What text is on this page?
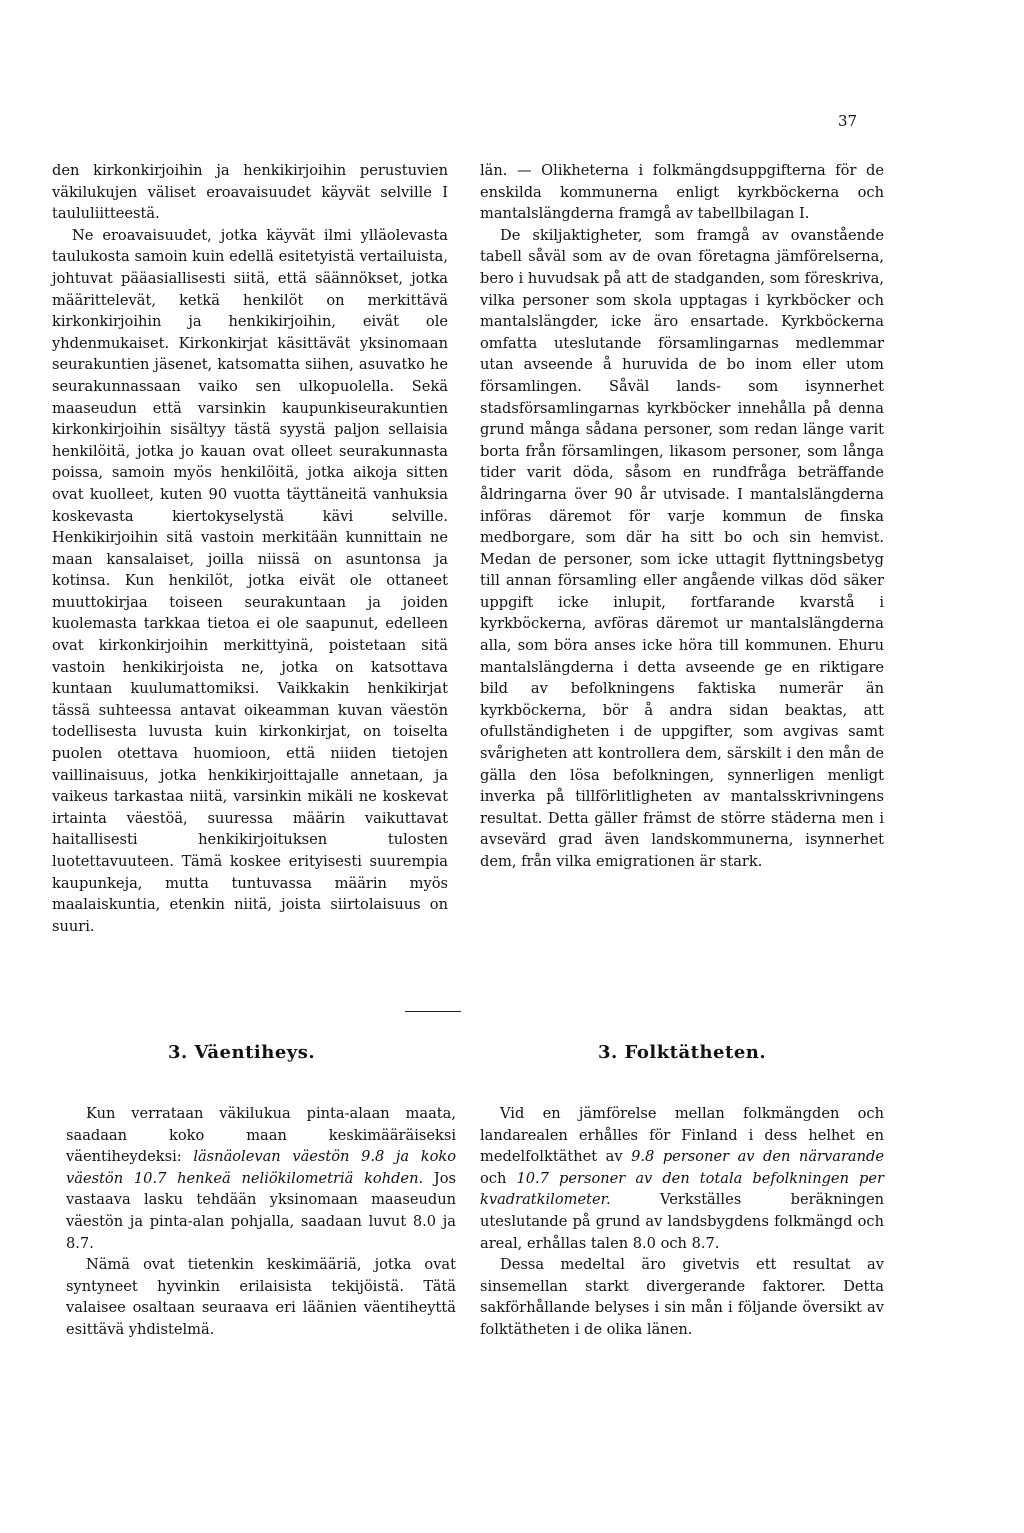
37

den kirkonkirjoihin ja henkikirjoihin perustuvien väkilukujen väliset eroavaisuudet käyvät selville I taululiitteestä.

Ne eroavaisuudet, jotka käyvät ilmi ylläolevasta taulukosta samoin kuin edellä esitetyistä vertailuista, johtuvat pääasiallisesti siitä, että säännökset, jotka määrittelevät, ketkä henkilöt on merkittävä kirkonkirjoihin ja henkikirjoihin, eivät ole yhdenmukaiset. Kirkonkirjat käsittävät yksinomaan seurakuntien jäsenet, katsomatta siihen, asuvatko he seurakunnassaan vaiko sen ulkopuolella. Sekä maaseudun että varsinkin kaupunkiseurakuntien kirkonkirjoihin sisältyy tästä syystä paljon sellaisia henkilöitä, jotka jo kauan ovat olleet seurakunnasta poissa, samoin myös henkilöitä, jotka aikoja sitten ovat kuolleet, kuten 90 vuotta täyttäneitä vanhuksia koskevasta kiertokyselystä kävi selville. Henkikirjoihin sitä vastoin merkitään kunnittain ne maan kansalaiset, joilla niissä on asuntonsa ja kotinsa. Kun henkilöt, jotka eivät ole ottaneet muuttokirjaa toiseen seurakuntaan ja joiden kuolemasta tarkkaa tietoa ei ole saapunut, edelleen ovat kirkonkirjoihin merkittyinä, poistetaan sitä vastoin henkikirjoista ne, jotka on katsottava kuntaan kuulumattomiksi. Vaikkakin henkikirjat tässä suhteessa antavat oikeamman kuvan väestön todellisesta luvusta kuin kirkonkirjat, on toiselta puolen otettava huomioon, että niiden tietojen vaillinaisuus, jotka henkikirjoittajalle annetaan, ja vaikeus tarkastaa niitä, varsinkin mikäli ne koskevat irtainta väestöä, suuressa määrin vaikuttavat haitallisesti henkikirjoituksen tulosten luotettavuuteen. Tämä koskee erityisesti suurempia kaupunkeja, mutta tuntuvassa määrin myös maalaiskuntia, etenkin niitä, joista siirtolaisuus on suuri.

län. — Olikheterna i folkmängdsuppgifterna för de enskilda kommunerna enligt kyrkböckerna och mantalslängderna framgå av tabellbilagan I.

De skiljaktigheter, som framgå av ovanstående tabell såväl som av de ovan företagna jämförelserna, bero i huvudsak på att de stadganden, som föreskriva, vilka personer som skola upptagas i kyrkböcker och mantalslängder, icke äro ensartade. Kyrkböckerna omfatta uteslutande församlingarnas medlemmar utan avseende å huruvida de bo inom eller utom församlingen. Såväl lands- som isynnerhet stadsförsamlingarnas kyrkböcker innehålla på denna grund många sådana personer, som redan länge varit borta från församlingen, likasom personer, som långa tider varit döda, såsom en rundfråga beträffande åldringarna över 90 år utvisade. I mantalslängderna införas däremot för varje kommun de finska medborgare, som där ha sitt bo och sin hemvist. Medan de personer, som icke uttagit flyttningsbetyg till annan församling eller angående vilkas död säker uppgift icke inlupit, fortfarande kvarstå i kyrkböckerna, avföras däremot ur mantalslängderna alla, som böra anses icke höra till kommunen. Ehuru mantalslängderna i detta avseende ge en riktigare bild av befolkningens faktiska numerär än kyrkböckerna, bör å andra sidan beaktas, att ofullständigheten i de uppgifter, som avgivas samt svårigheten att kontrollera dem, särskilt i den mån de gälla den lösa befolkningen, synnerligen menligt inverka på tillförlitligheten av mantalsskrivningens resultat. Detta gäller främst de större städerna men i avsevärd grad även landskommunerna, isynnerhet dem, från vilka emigrationen är stark.

3. Väentiheys.	3. Folktätheten.

Kun verrataan väkilukua pinta-alaan maata, saadaan koko maan keskimääräiseksi väentiheydeksi: läsnäolevan väestön 9.8 ja koko väestön 10.7 henkeä neliökilometriä kohden. Jos vastaava lasku tehdään yksinomaan maaseudun väestön ja pinta-alan pohjalla, saadaan luvut 8.0 ja 8.7.

Nämä ovat tietenkin keskimääriä, jotka ovat syntyneet hyvinkin erilaisista tekijöistä. Tätä valaisee osaltaan seuraava eri läänien väentiheyttä esittävä yhdistelmä.

Vid en jämförelse mellan folkmängden och landarealen erhålles för Finland i dess helhet en medelfolktäthet av 9.8 personer av den närvarande och 10.7 personer av den totala befolkningen per kvadratkilometer. Verkställes beräkningen uteslutande på grund av landsbygdens folkmängd och areal, erhållas talen 8.0 och 8.7.

Dessa medeltal äro givetvis ett resultat av sinsemellan starkt divergerande faktorer. Detta sakförhållande belyses i sin mån i följande översikt av folktätheten i de olika länen.
